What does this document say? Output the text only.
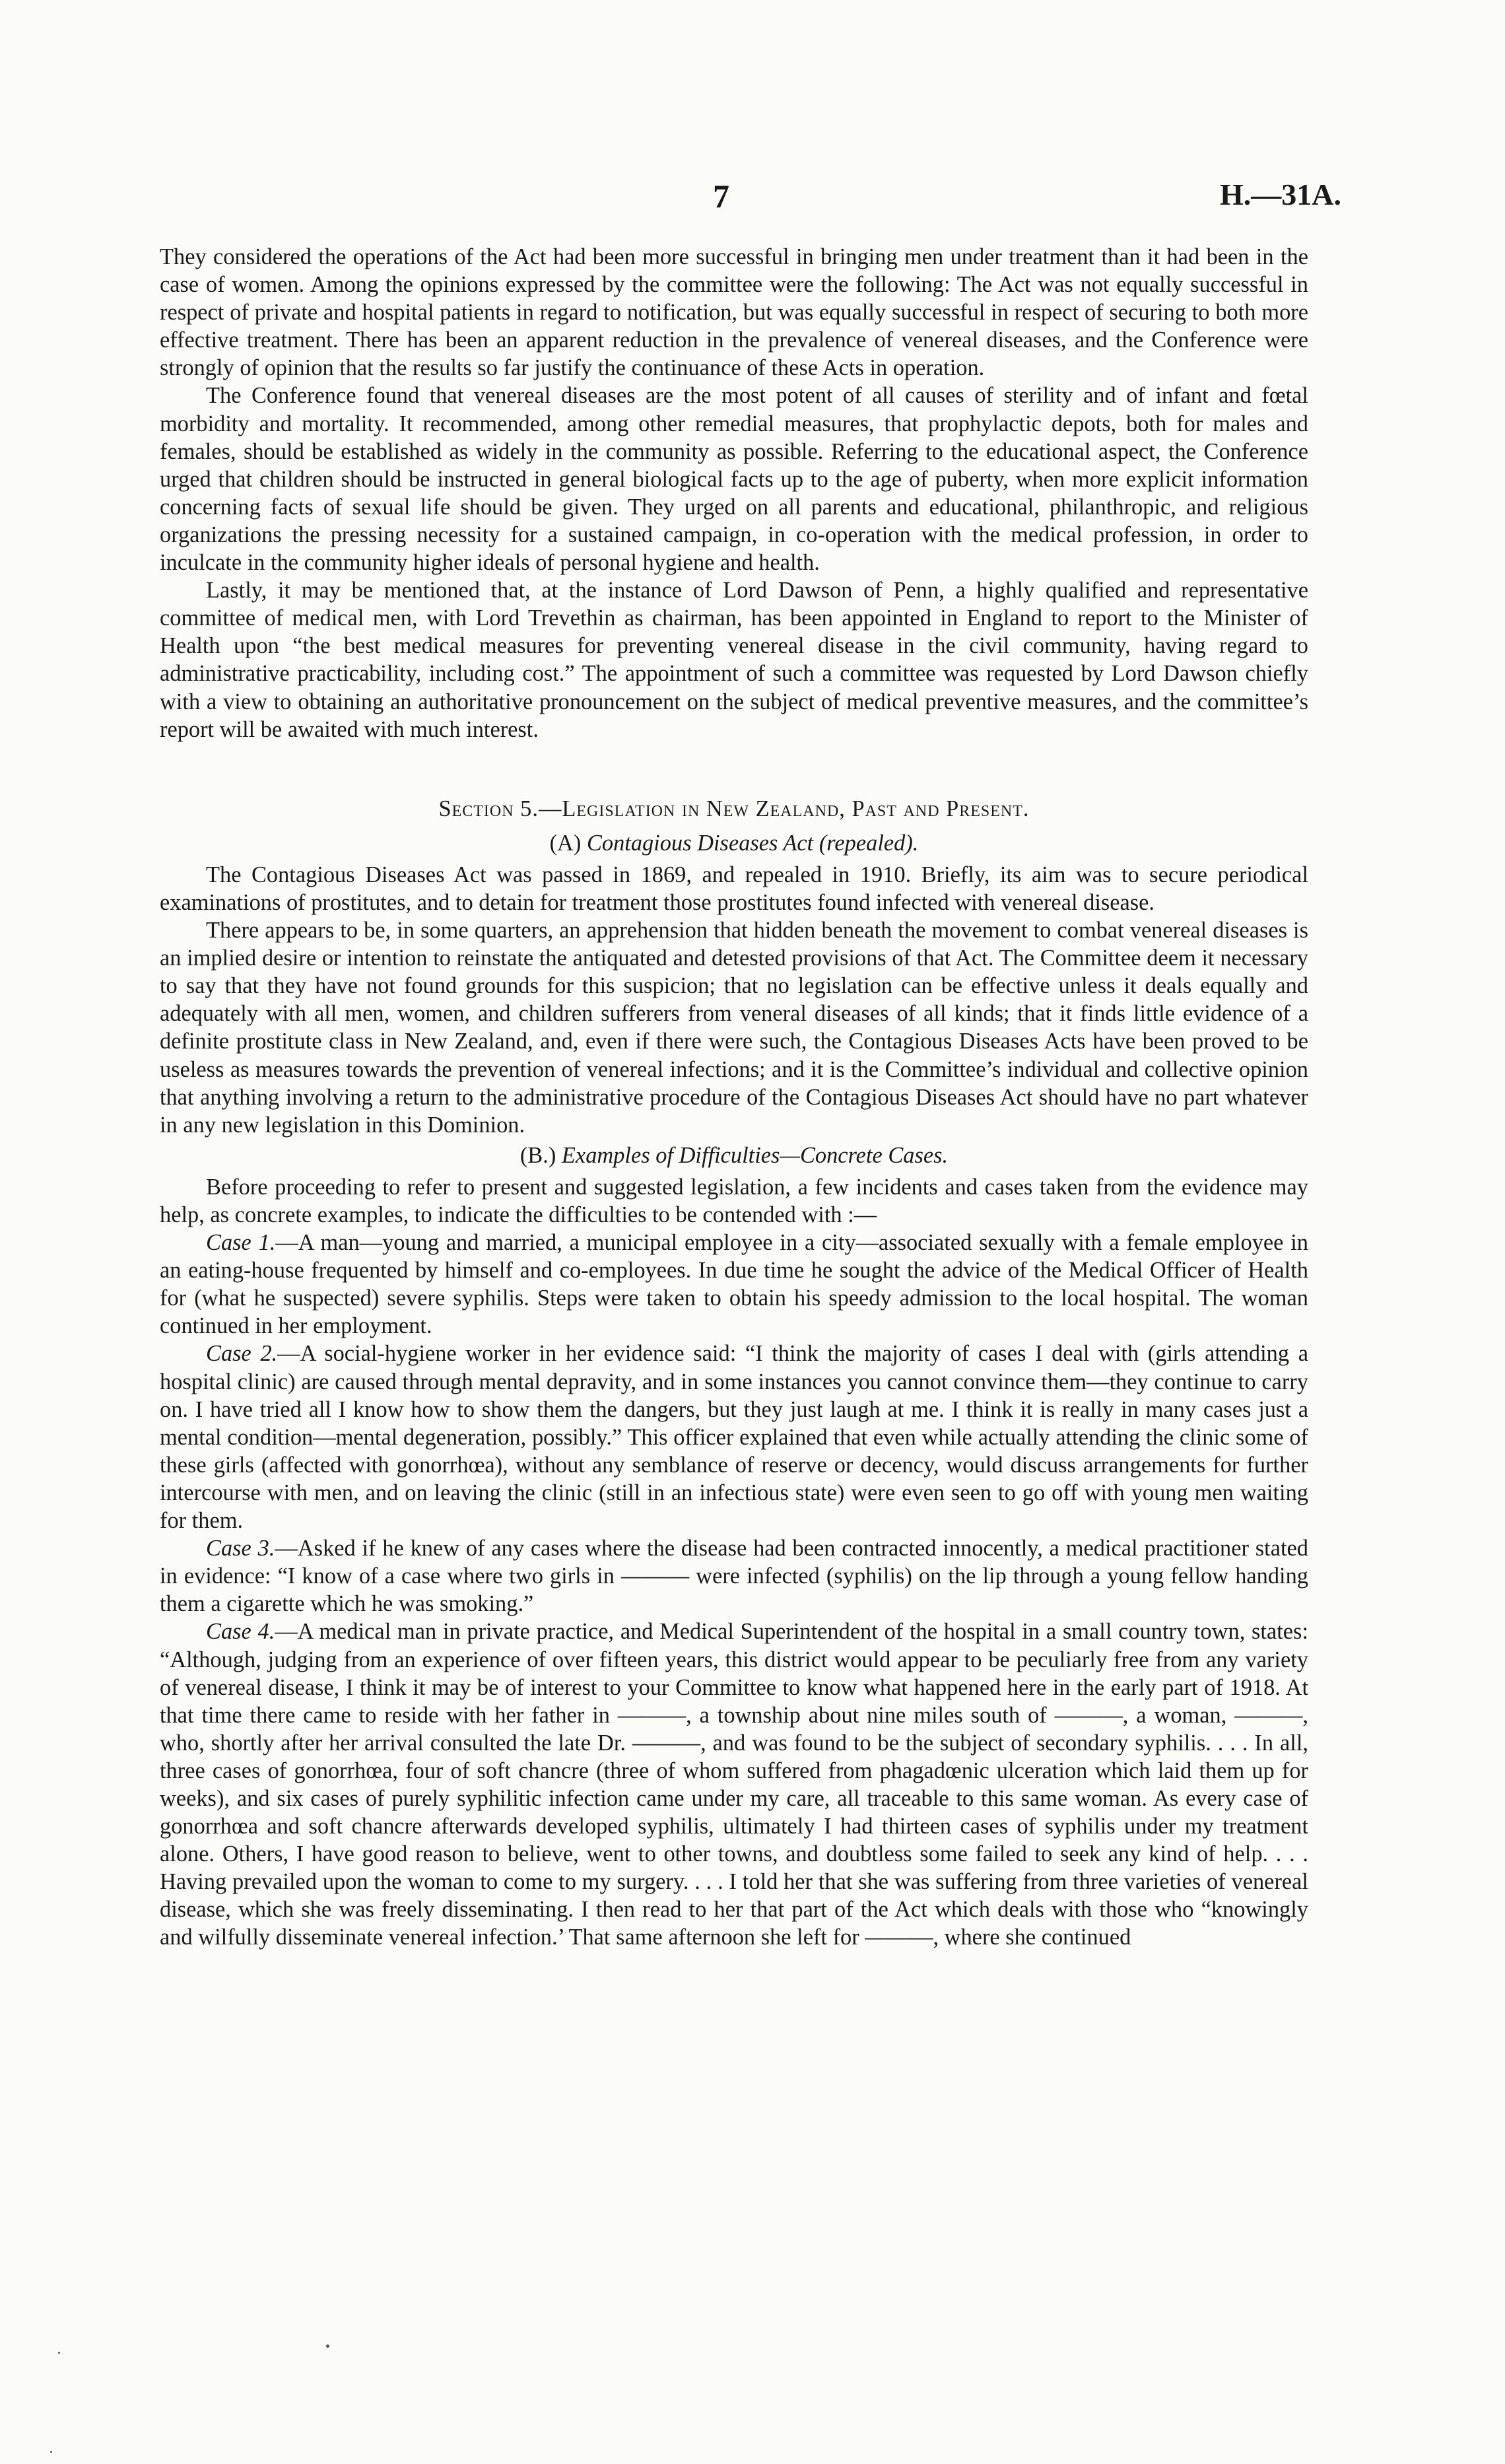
7	H.—31A.

They considered the operations of the Act had been more successful in bringing men under treatment than it had been in the case of women. Among the opinions expressed by the committee were the following: The Act was not equally successful in respect of private and hospital patients in regard to notification, but was equally successful in respect of securing to both more effective treatment. There has been an apparent reduction in the prevalence of venereal diseases, and the Conference were strongly of opinion that the results so far justify the continuance of these Acts in operation.

The Conference found that venereal diseases are the most potent of all causes of sterility and of infant and fœtal morbidity and mortality. It recommended, among other remedial measures, that prophylactic depots, both for males and females, should be established as widely in the community as possible. Referring to the educational aspect, the Conference urged that children should be instructed in general biological facts up to the age of puberty, when more explicit information concerning facts of sexual life should be given. They urged on all parents and educational, philanthropic, and religious organizations the pressing necessity for a sustained campaign, in co-operation with the medical profession, in order to inculcate in the community higher ideals of personal hygiene and health.

Lastly, it may be mentioned that, at the instance of Lord Dawson of Penn, a highly qualified and representative committee of medical men, with Lord Trevethin as chairman, has been appointed in England to report to the Minister of Health upon “the best medical measures for preventing venereal disease in the civil community, having regard to administrative practicability, including cost.” The appointment of such a committee was requested by Lord Dawson chiefly with a view to obtaining an authoritative pronouncement on the subject of medical preventive measures, and the committee’s report will be awaited with much interest.

Section 5.—Legislation in New Zealand, Past and Present.
(A) Contagious Diseases Act (repealed).

The Contagious Diseases Act was passed in 1869, and repealed in 1910. Briefly, its aim was to secure periodical examinations of prostitutes, and to detain for treatment those prostitutes found infected with venereal disease.

There appears to be, in some quarters, an apprehension that hidden beneath the movement to combat venereal diseases is an implied desire or intention to reinstate the antiquated and detested provisions of that Act. The Committee deem it necessary to say that they have not found grounds for this suspicion; that no legislation can be effective unless it deals equally and adequately with all men, women, and children sufferers from veneral diseases of all kinds; that it finds little evidence of a definite prostitute class in New Zealand, and, even if there were such, the Contagious Diseases Acts have been proved to be useless as measures towards the prevention of venereal infections; and it is the Committee’s individual and collective opinion that anything involving a return to the administrative procedure of the Contagious Diseases Act should have no part whatever in any new legislation in this Dominion.

(B.) Examples of Difficulties—Concrete Cases.

Before proceeding to refer to present and suggested legislation, a few incidents and cases taken from the evidence may help, as concrete examples, to indicate the difficulties to be contended with :—

Case 1.—A man—young and married, a municipal employee in a city—associated sexually with a female employee in an eating-house frequented by himself and co-employees. In due time he sought the advice of the Medical Officer of Health for (what he suspected) severe syphilis. Steps were taken to obtain his speedy admission to the local hospital. The woman continued in her employment.

Case 2.—A social-hygiene worker in her evidence said: “I think the majority of cases I deal with (girls attending a hospital clinic) are caused through mental depravity, and in some instances you cannot convince them—they continue to carry on. I have tried all I know how to show them the dangers, but they just laugh at me. I think it is really in many cases just a mental condition—mental degeneration, possibly.” This officer explained that even while actually attending the clinic some of these girls (affected with gonorrhœa), without any semblance of reserve or decency, would discuss arrangements for further intercourse with men, and on leaving the clinic (still in an infectious state) were even seen to go off with young men waiting for them.

Case 3.—Asked if he knew of any cases where the disease had been contracted innocently, a medical practitioner stated in evidence: “I know of a case where two girls in ——— were infected (syphilis) on the lip through a young fellow handing them a cigarette which he was smoking.”

Case 4.—A medical man in private practice, and Medical Superintendent of the hospital in a small country town, states: “Although, judging from an experience of over fifteen years, this district would appear to be peculiarly free from any variety of venereal disease, I think it may be of interest to your Committee to know what happened here in the early part of 1918. At that time there came to reside with her father in ———, a township about nine miles south of ———, a woman, ———, who, shortly after her arrival consulted the late Dr. ———, and was found to be the subject of secondary syphilis. . . . In all, three cases of gonorrhœa, four of soft chancre (three of whom suffered from phagadœnic ulceration which laid them up for weeks), and six cases of purely syphilitic infection came under my care, all traceable to this same woman. As every case of gonorrhœa and soft chancre afterwards developed syphilis, ultimately I had thirteen cases of syphilis under my treatment alone. Others, I have good reason to believe, went to other towns, and doubtless some failed to seek any kind of help. . . . Having prevailed upon the woman to come to my surgery. . . . I told her that she was suffering from three varieties of venereal disease, which she was freely disseminating. I then read to her that part of the Act which deals with those who “knowingly and wilfully disseminate venereal infection.’ That same afternoon she left for ———, where she continued
